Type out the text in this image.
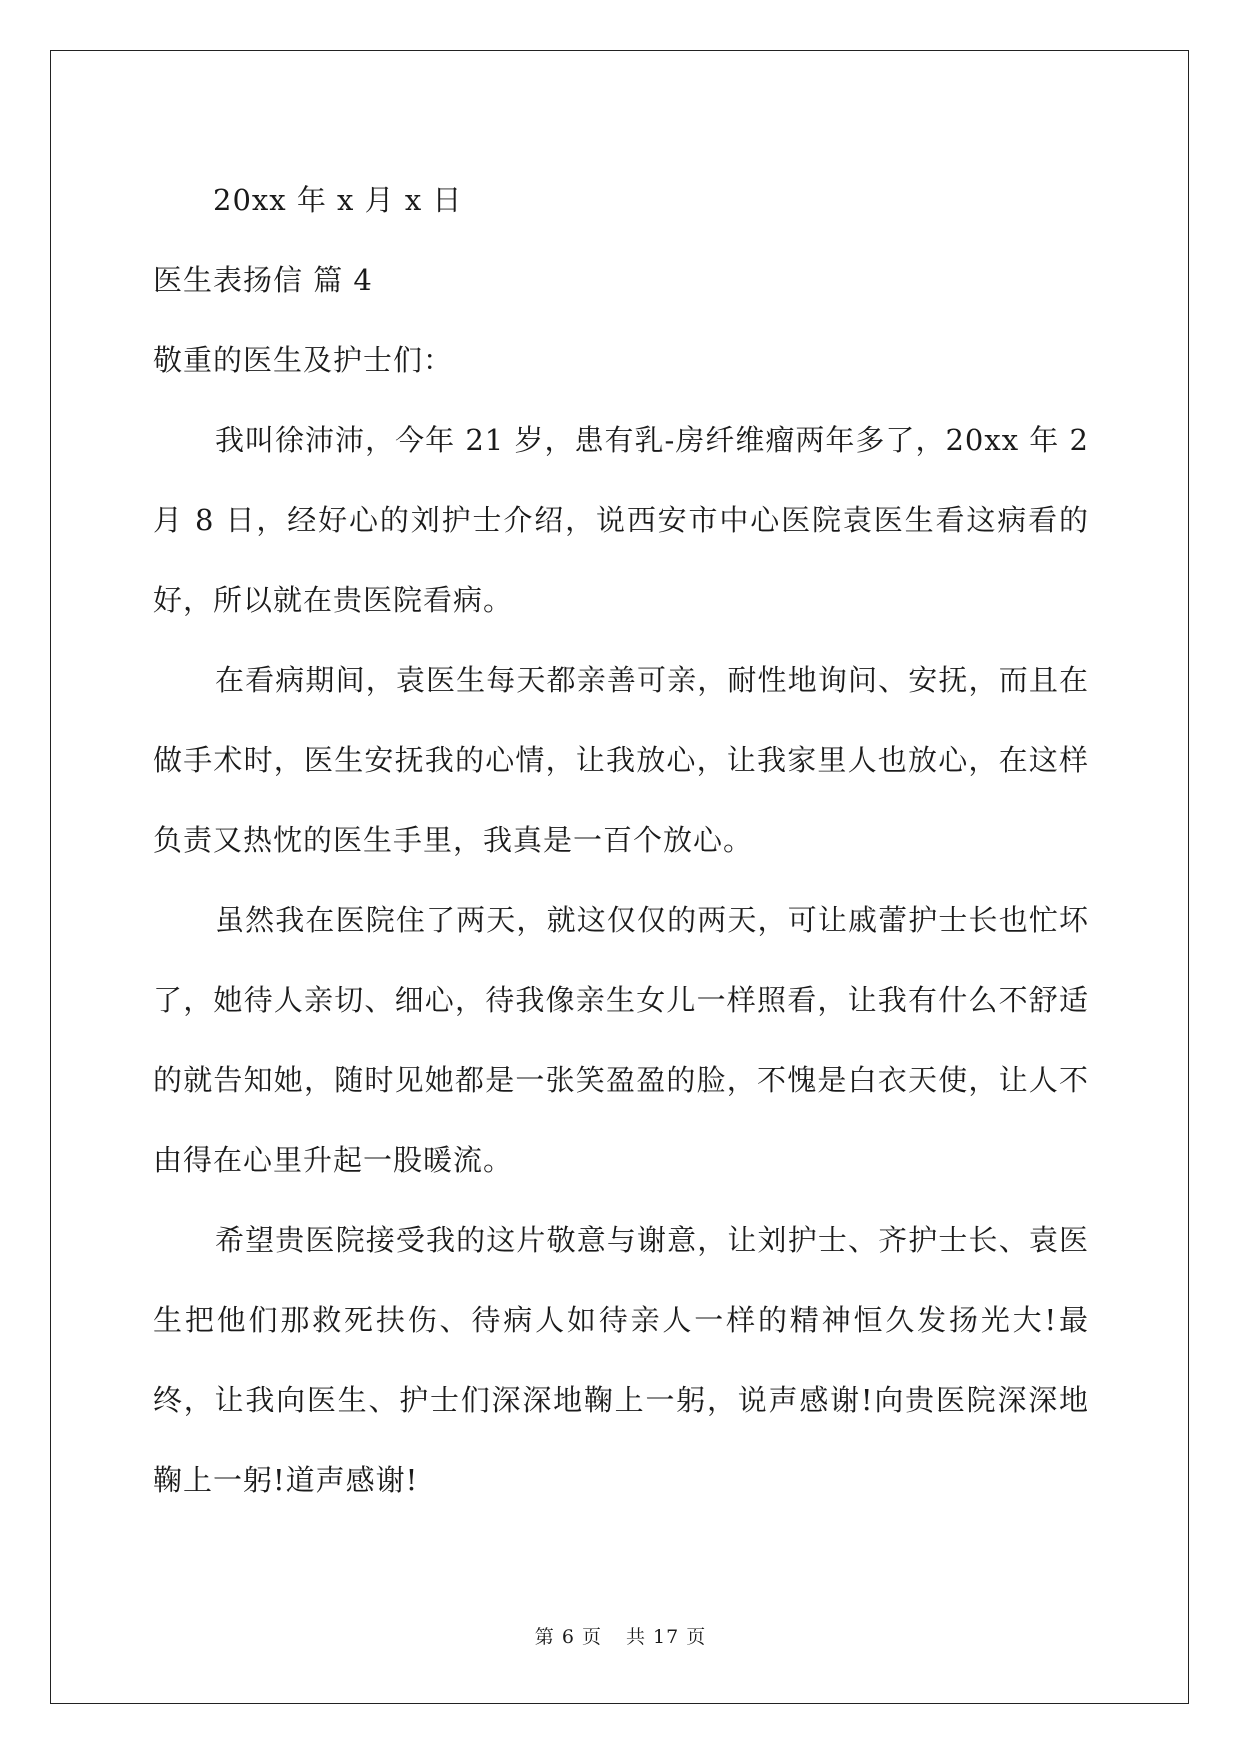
20xx 年 x 月 x 日
医生表扬信 篇 4
敬重的医生及护士们：

我叫徐沛沛，今年 21 岁，患有乳-房纤维瘤两年多了，20xx 年 2 月 8 日，经好心的刘护士介绍，说西安市中心医院袁医生看这病看的好，所以就在贵医院看病。

在看病期间，袁医生每天都亲善可亲，耐性地询问、安抚，而且在做手术时，医生安抚我的心情，让我放心，让我家里人也放心，在这样负责又热忱的医生手里，我真是一百个放心。

虽然我在医院住了两天，就这仅仅的两天，可让戚蕾护士长也忙坏了，她待人亲切、细心，待我像亲生女儿一样照看，让我有什么不舒适的就告知她，随时见她都是一张笑盈盈的脸，不愧是白衣天使，让人不由得在心里升起一股暖流。

希望贵医院接受我的这片敬意与谢意，让刘护士、齐护士长、袁医生把他们那救死扶伤、待病人如待亲人一样的精神恒久发扬光大!最终，让我向医生、护士们深深地鞠上一躬，说声感谢!向贵医院深深地鞠上一躬!道声感谢!

第 6 页 共 17 页
